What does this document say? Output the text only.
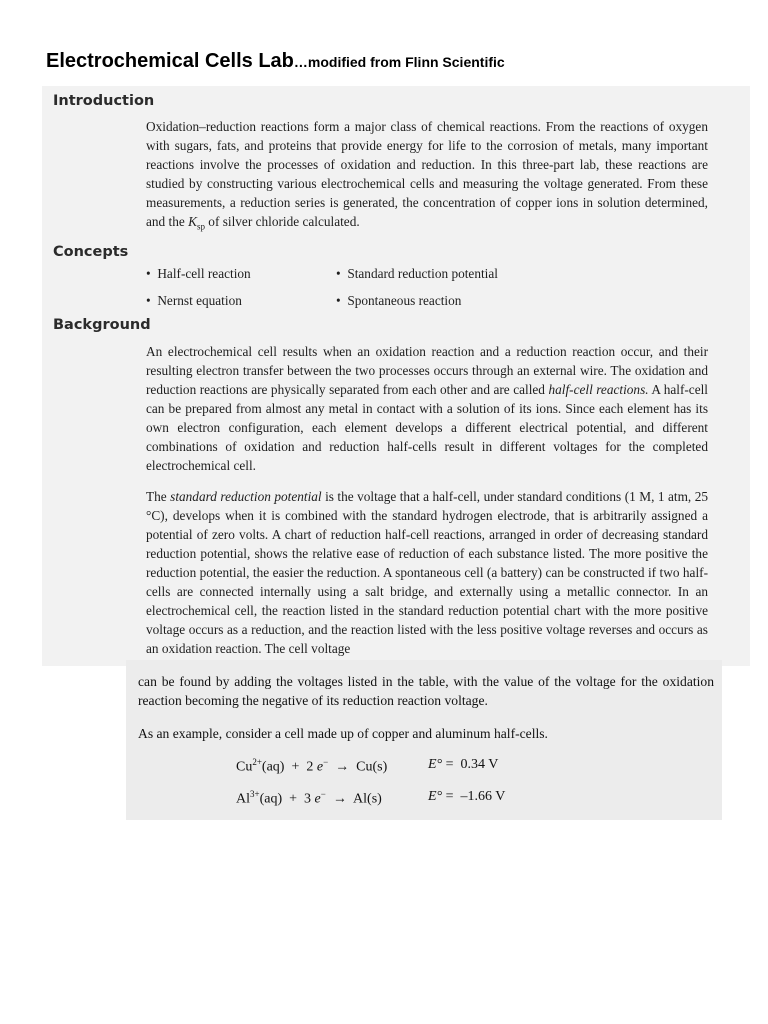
Electrochemical Cells Lab…modified from Flinn Scientific
Introduction

Oxidation–reduction reactions form a major class of chemical reactions. From the reactions of oxygen with sugars, fats, and proteins that provide energy for life to the corrosion of metals, many important reactions involve the processes of oxidation and reduction. In this three-part lab, these reactions are studied by constructing various electrochemical cells and measuring the voltage generated. From these measurements, a reduction series is generated, the concentration of copper ions in solution determined, and the $K_{sp}$ of silver chloride calculated.

Concepts
•  Half-cell reaction	•  Standard reduction potential
•  Nernst equation	•  Spontaneous reaction
Background

An electrochemical cell results when an oxidation reaction and a reduction reaction occur, and their resulting electron transfer between the two processes occurs through an external wire. The oxidation and reduction reactions are physically separated from each other and are called half-cell reactions. A half-cell can be prepared from almost any metal in contact with a solution of its ions. Since each element has its own electron configuration, each element develops a different electrical potential, and different combinations of oxidation and reduction half-cells result in different voltages for the completed electrochemical cell.

The standard reduction potential is the voltage that a half-cell, under standard conditions (1 M, 1 atm, 25 °C), develops when it is combined with the standard hydrogen electrode, that is arbitrarily assigned a potential of zero volts. A chart of reduction half-cell reactions, arranged in order of decreasing standard reduction potential, shows the relative ease of reduction of each substance listed. The more positive the reduction potential, the easier the reduction. A spontaneous cell (a battery) can be constructed if two half-cells are connected internally using a salt bridge, and externally using a metallic connector. In an electrochemical cell, the reaction listed in the standard reduction potential chart with the more positive voltage occurs as a reduction, and the reaction listed with the less positive voltage reverses and occurs as an oxidation reaction. The cell voltage

can be found by adding the voltages listed in the table, with the value of the voltage for the oxidation reaction becoming the negative of its reduction reaction voltage.

As an example, consider a cell made up of copper and aluminum half-cells.

$Cu^{2+}(aq) + 2$ e−  →  Cu(s)	E° =  0.34 V
$Al^{3+}(aq) + 3$ e−  →  Al(s)	E° =  –1.66 V
